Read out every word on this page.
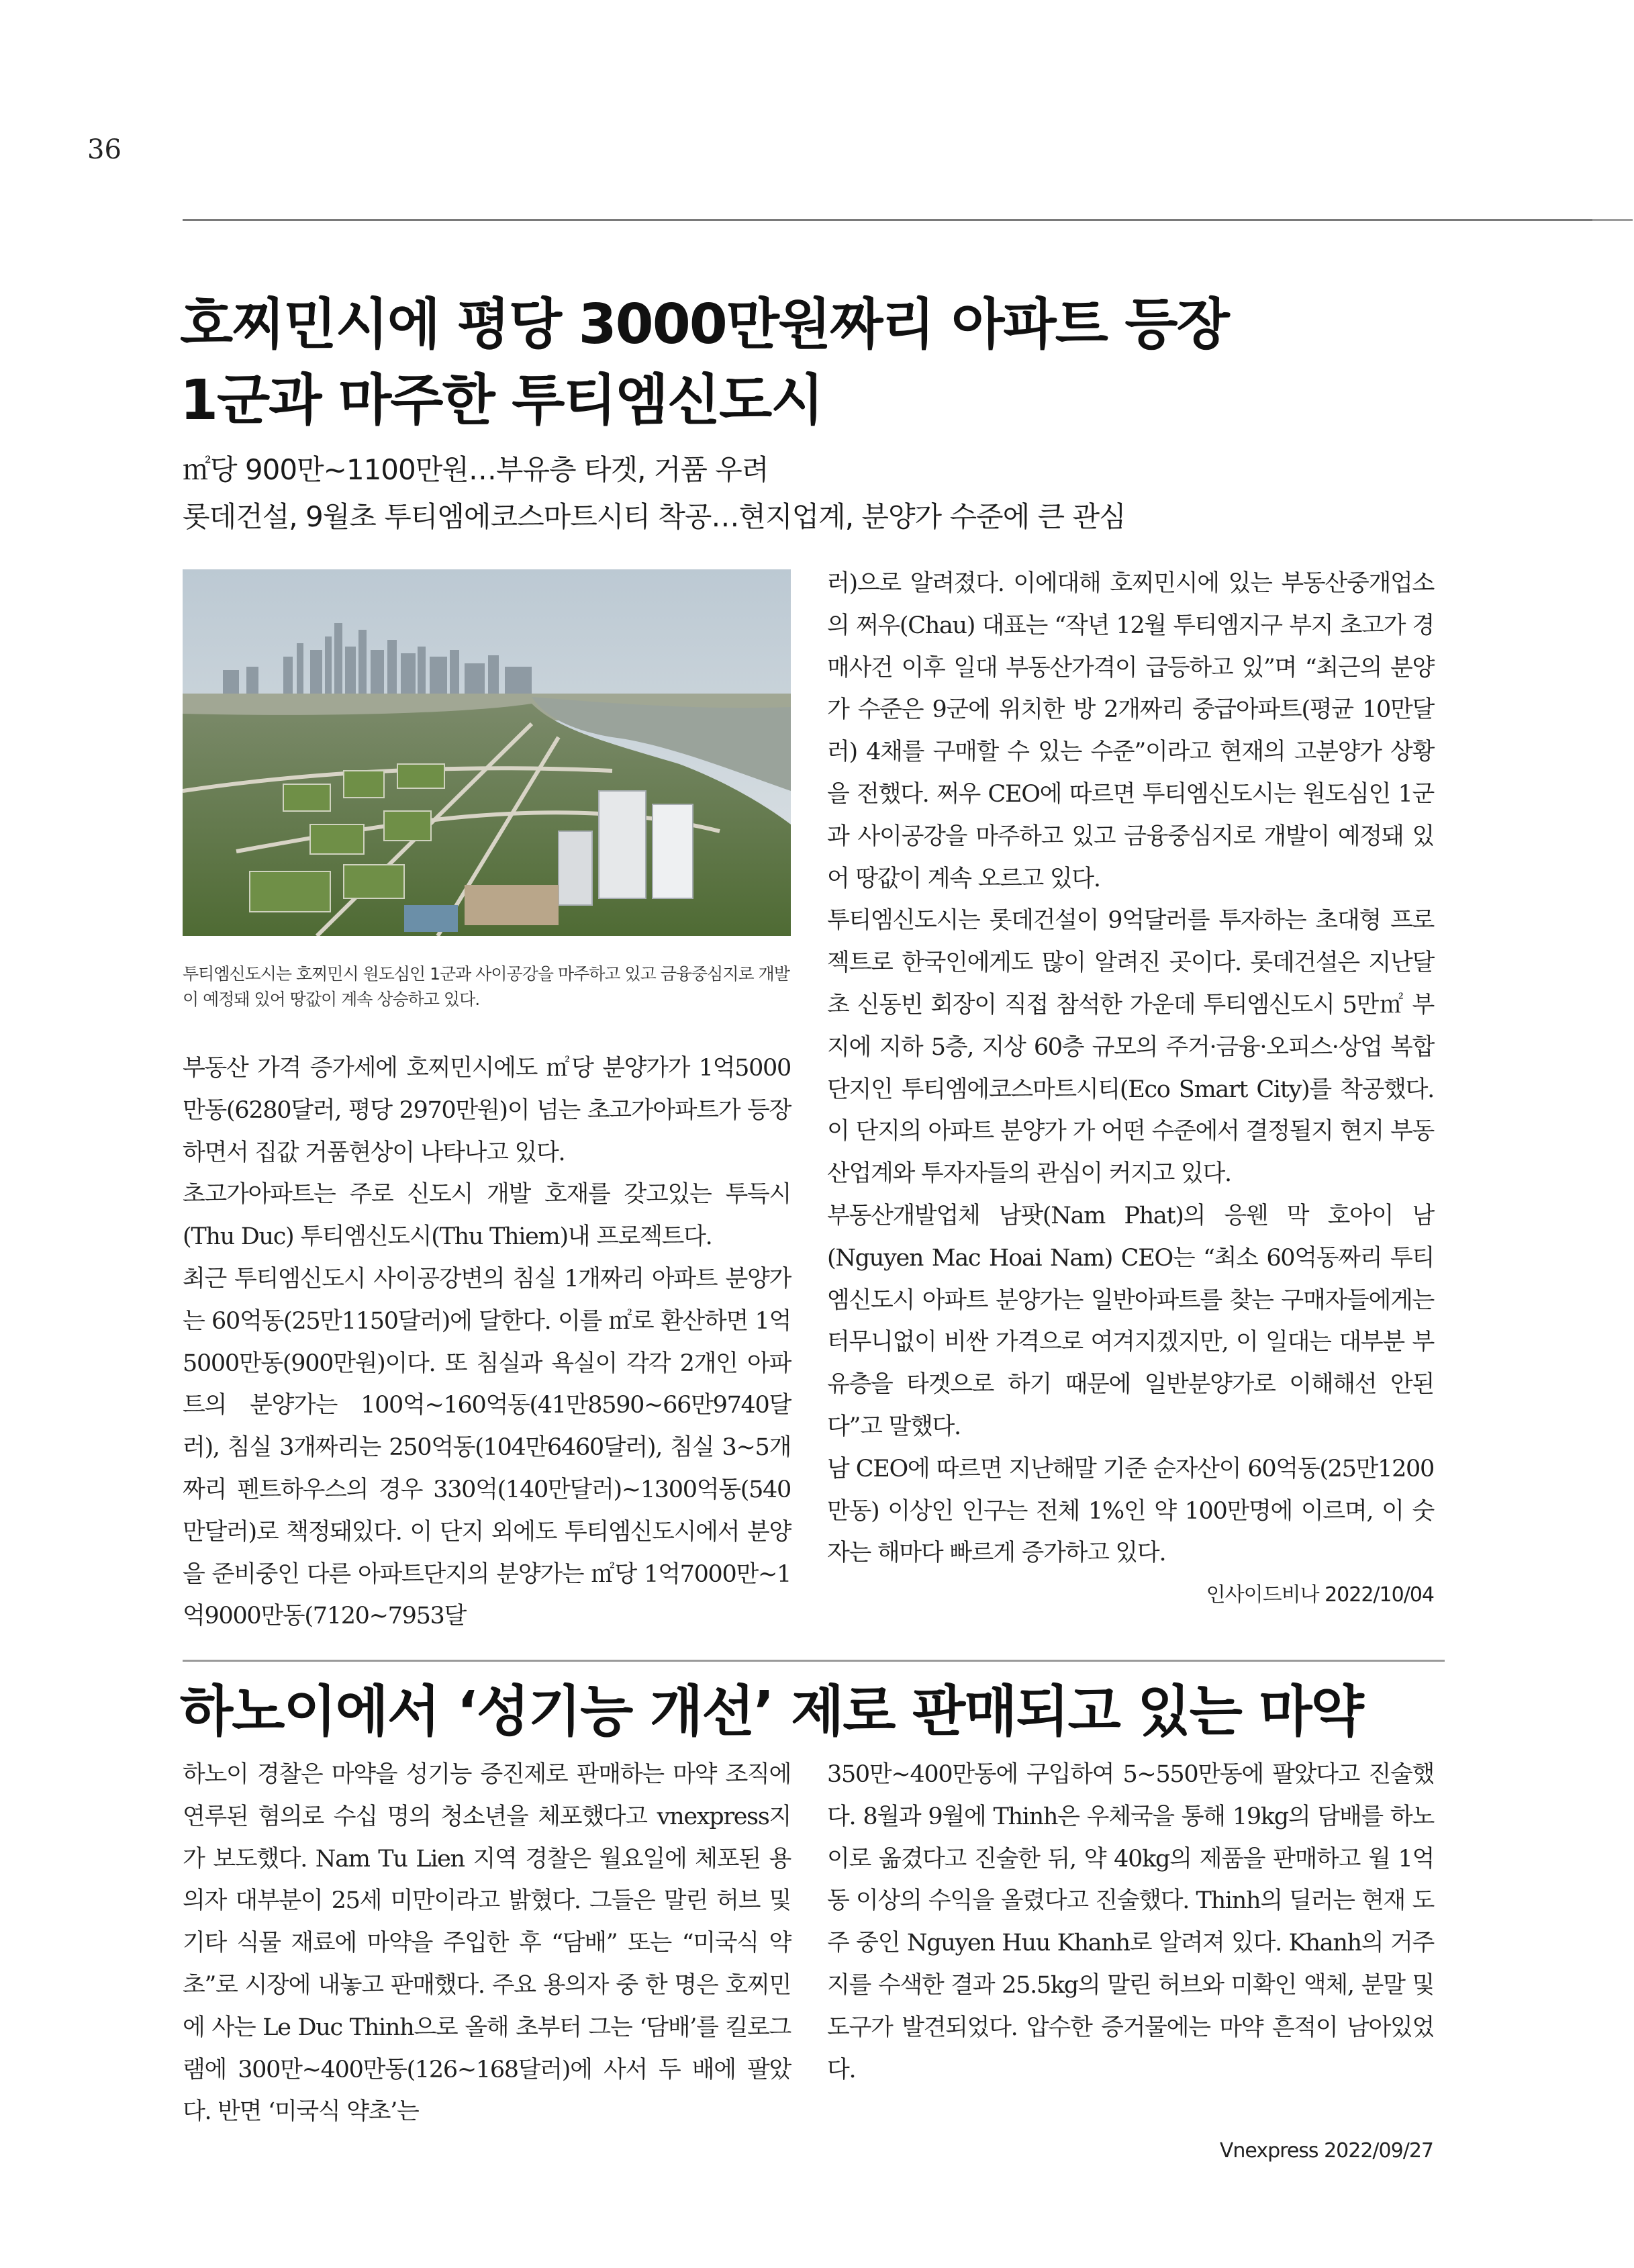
36
호찌민시에 평당 3000만원짜리 아파트 등장
1군과 마주한 투티엠신도시
㎡당 900만~1100만원…부유층 타겟, 거품 우려
롯데건설, 9월초 투티엠에코스마트시티 착공…현지업계, 분양가 수준에 큰 관심
투티엠신도시는 호찌민시 원도심인 1군과 사이공강을 마주하고 있고 금융중심지로 개발이 예정돼 있어 땅값이 계속 상승하고 있다.

부동산 가격 증가세에 호찌민시에도 ㎡당 분양가가 1억5000만동(6280달러, 평당 2970만원)이 넘는 초고가아파트가 등장하면서 집값 거품현상이 나타나고 있다.

초고가아파트는 주로 신도시 개발 호재를 갖고있는 투득시(Thu Duc) 투티엠신도시(Thu Thiem)내 프로젝트다.

최근 투티엠신도시 사이공강변의 침실 1개짜리 아파트 분양가는 60억동(25만1150달러)에 달한다. 이를 ㎡로 환산하면 1억5000만동(900만원)이다. 또 침실과 욕실이 각각 2개인 아파트의 분양가는 100억~160억동(41만8590~66만9740달러), 침실 3개짜리는 250억동(104만6460달러), 침실 3~5개짜리 펜트하우스의 경우 330억(140만달러)~1300억동(540만달러)로 책정돼있다. 이 단지 외에도 투티엠신도시에서 분양을 준비중인 다른 아파트단지의 분양가는 ㎡당 1억7000만~1억9000만동(7120~7953달

러)으로 알려졌다. 이에대해 호찌민시에 있는 부동산중개업소의 쩌우(Chau) 대표는 “작년 12월 투티엠지구 부지 초고가 경매사건 이후 일대 부동산가격이 급등하고 있”며 “최근의 분양가 수준은 9군에 위치한 방 2개짜리 중급아파트(평균 10만달러) 4채를 구매할 수 있는 수준”이라고 현재의 고분양가 상황을 전했다. 쩌우 CEO에 따르면 투티엠신도시는 원도심인 1군과 사이공강을 마주하고 있고 금융중심지로 개발이 예정돼 있어 땅값이 계속 오르고 있다.

투티엠신도시는 롯데건설이 9억달러를 투자하는 초대형 프로젝트로 한국인에게도 많이 알려진 곳이다. 롯데건설은 지난달 초 신동빈 회장이 직접 참석한 가운데 투티엠신도시 5만㎡ 부지에 지하 5층, 지상 60층 규모의 주거·금융·오피스·상업 복합단지인 투티엠에코스마트시티(Eco Smart City)를 착공했다. 이 단지의 아파트 분양가 가 어떤 수준에서 결정될지 현지 부동산업계와 투자자들의 관심이 커지고 있다.

부동산개발업체 남팟(Nam Phat)의 응웬 막 호아이 남(Nguyen Mac Hoai Nam) CEO는 “최소 60억동짜리 투티엠신도시 아파트 분양가는 일반아파트를 찾는 구매자들에게는 터무니없이 비싼 가격으로 여겨지겠지만, 이 일대는 대부분 부유층을 타겟으로 하기 때문에 일반분양가로 이해해선 안된다”고 말했다.

남 CEO에 따르면 지난해말 기준 순자산이 60억동(25만1200만동) 이상인 인구는 전체 1%인 약 100만명에 이르며, 이 숫자는 해마다 빠르게 증가하고 있다.

인사이드비나 2022/10/04
하노이에서 ‘성기능 개선’ 제로 판매되고 있는 마약

하노이 경찰은 마약을 성기능 증진제로 판매하는 마약 조직에 연루된 혐의로 수십 명의 청소년을 체포했다고 vnexpress지가 보도했다. Nam Tu Lien 지역 경찰은 월요일에 체포된 용의자 대부분이 25세 미만이라고 밝혔다. 그들은 말린 허브 및 기타 식물 재료에 마약을 주입한 후 “담배” 또는 “미국식 약초”로 시장에 내놓고 판매했다. 주요 용의자 중 한 명은 호찌민에 사는 Le Duc Thinh으로 올해 초부터 그는 ‘담배’를 킬로그램에 300만~400만동(126~168달러)에 사서 두 배에 팔았다. 반면 ‘미국식 약초’는

350만~400만동에 구입하여 5~550만동에 팔았다고 진술했다. 8월과 9월에 Thinh은 우체국을 통해 19kg의 담배를 하노이로 옮겼다고 진술한 뒤, 약 40kg의 제품을 판매하고 월 1억동 이상의 수익을 올렸다고 진술했다. Thinh의 딜러는 현재 도주 중인 Nguyen Huu Khanh로 알려져 있다. Khanh의 거주지를 수색한 결과 25.5kg의 말린 허브와 미확인 액체, 분말 및 도구가 발견되었다. 압수한 증거물에는 마약 흔적이 남아있었다.

Vnexpress 2022/09/27
